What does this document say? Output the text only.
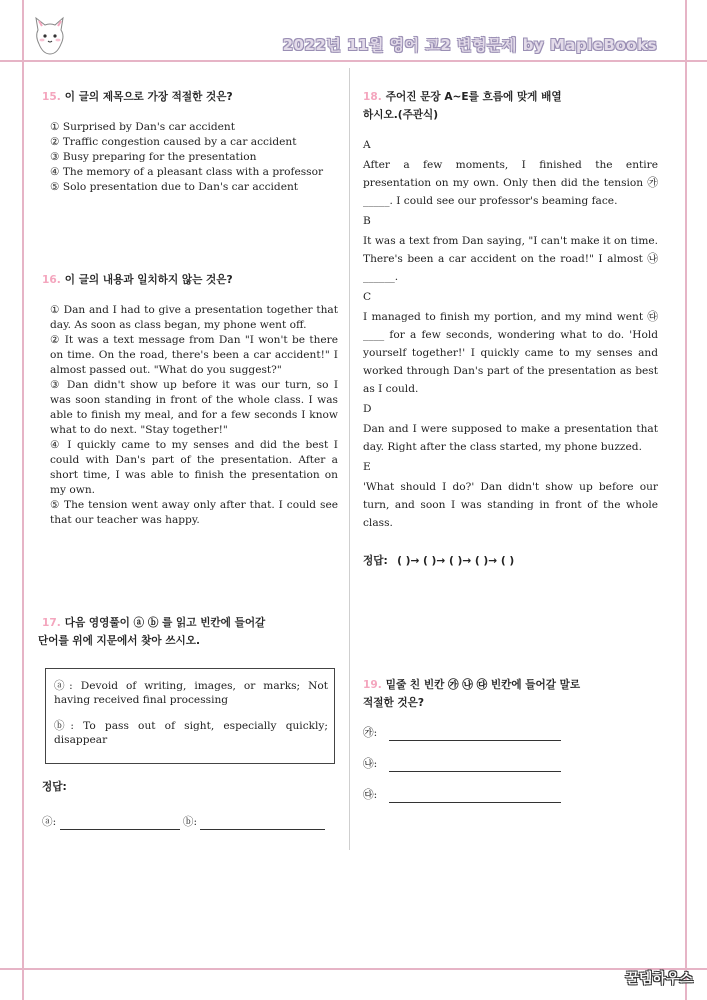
2022년 11월 영어 고2 변형문제 by MapleBooks
15. 이 글의 제목으로 가장 적절한 것은?
① Surprised by Dan's car accident
② Traffic congestion caused by a car accident
③ Busy preparing for the presentation
④ The memory of a pleasant class with a professor
⑤ Solo presentation due to Dan's car accident
16. 이 글의 내용과 일치하지 않는 것은?
① Dan and I had to give a presentation together that day. As soon as class began, my phone went off.
② It was a text message from Dan "I won't be there on time. On the road, there's been a car accident!" I almost passed out. "What do you suggest?"
③ Dan didn't show up before it was our turn, so I was soon standing in front of the whole class. I was able to finish my meal, and for a few seconds I know what to do next. "Stay together!"
④ I quickly came to my senses and did the best I could with Dan's part of the presentation. After a short time, I was able to finish the presentation on my own.
⑤ The tension went away only after that. I could see that our teacher was happy.
17. 다음 영영풀이 ⓐ ⓑ 를 읽고 빈칸에 들어갈
단어를 위에 지문에서 찾아 쓰시오.

ⓐ: Devoid of writing, images, or marks; Not having received final processing

ⓑ: To pass out of sight, especially quickly; disappear

정답:
ⓐ:	ⓑ:
18. 주어진 문장 A~E를 흐름에 맞게 배열
하시오.(주관식)
A
After a few moments, I finished the entire presentation on my own. Only then did the tension ㉮_____. I could see our professor's beaming face.
B
It was a text from Dan saying, "I can't make it on time. There's been a car accident on the road!" I almost ㉯______.
C
I managed to finish my portion, and my mind went ㉰____ for a few seconds, wondering what to do. 'Hold yourself together!' I quickly came to my senses and worked through Dan's part of the presentation as best as I could.
D
Dan and I were supposed to make a presentation that day. Right after the class started, my phone buzzed.
E
'What should I do?' Dan didn't show up before our turn, and soon I was standing in front of the whole class.
정답: ( )→ ( )→ ( )→ ( )→ ( )
19. 밑줄 친 빈칸 ㉮ ㉯ ㉰ 빈칸에 들어갈 말로
적절한 것은?
㉮:
㉯:
㉰:
꿀템하우스
